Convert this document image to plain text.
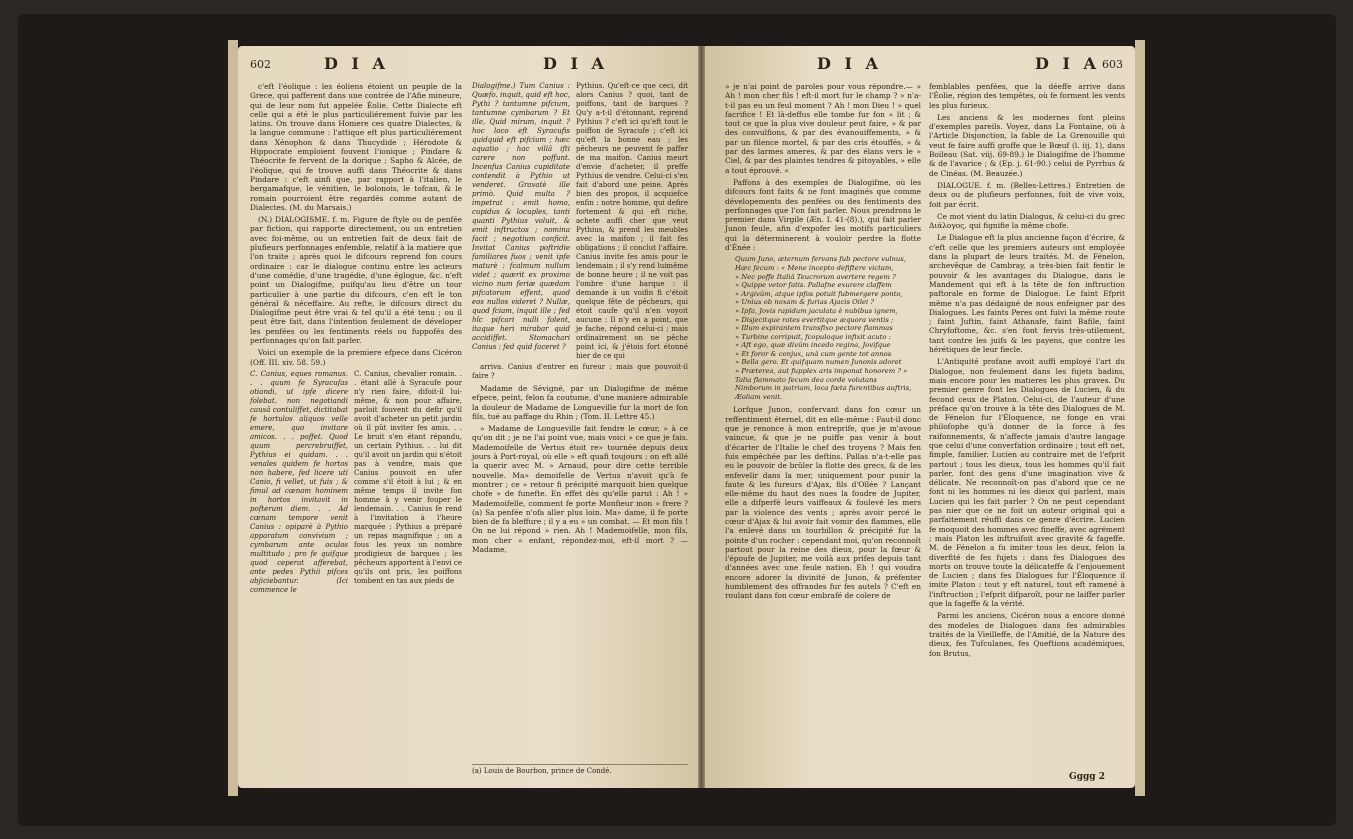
602	D I A	D I A

c'eft l'éolique : les éoliens étoient un peuple de la Grece, qui pafferent dans une contrée de l'Afie mineure, qui de leur nom fut appelée Éolie. Cette Dialecte eft celle qui a été le plus particuliérement fuivie par les latins. On trouve dans Homere ces quatre Dialectes, & la langue commune : l'attique eft plus particuliérement dans Xénophon & dans Thucydide ; Hérodote & Hippocrate emploient fouvent l'ionique ; Pindare & Théocrite fe fervent de la dorique ; Sapho & Alcée, de l'éolique, qui fe trouve auffi dans Théocrite & dans Pindare : c'eft ainfi que, par rapport à l'italien, le bergamafque, le vénitien, le bolonois, le tofcan, & le romain pourroient être regardés comme autant de Dialectes. (M. du Marsais.)

(N.) DIALOGISME. f. m. Figure de ftyle ou de penfée par fiction, qui rapporte directement, ou un entretien avec foi-même, ou un entretien fait de deux fait de plufieurs perfonnages enfemble, relatif à la matiere que l'on traite ; après quoi le difcours reprend fon cours ordinaire : car le dialogue continu entre les acteurs d'une comédie, d'une tragédie, d'une églogue, &c. n'eft point un Dialogifme, puifqu'au lieu d'être un tour particulier à une partie du difcours, c'en eft le ton général & néceffaire. Au refte, le difcours direct du Dialogifme peut être vrai & tel qu'il a été tenu ; ou il peut être fait, dans l'intention feulement de déveloper les penfées ou les fentiments réels ou fuppofés des perfonnages qu'on fait parler.

Voici un exemple de la premiere efpece dans Cicéron (Off. III. xiv. 58. 59.)

C. Canius, eques romanus. . . quum fe Syracufas otiandi, ut ipfe dicere folebat, non negotiandi causâ contuliffet, dictitabat fe hortulos aliquos velle emere, quo invitare amicos. . . poffet. Quod quum percrebruiffet, Pythius ei quidam. . . venales quidem fe hortos non habere, fed licere uti Canio, fi vellet, ut fuis ; & fimul ad cœnam hominem in hortos invitavit in pofterum diem. . . Ad cœnam tempore venit Canius : opiparè à Pythio apparatum convivium ; cymbarum ante oculos multitudo ; pro fe quifque quod ceperat afferebat, ante pedes Pythii pifces abjiciebantur. (Ici commence le
C. Canius, chevalier romain. . . étant allé à Syracufe pour n'y rien faire, difoit-il lui-même, & non pour affaire, parloit fouvent du defir qu'il avoit d'acheter un petit jardin où il pût inviter fes amis. . . Le bruit s'en étant répandu, un certain Pythius. . . lui dit qu'il avoit un jardin qui n'étoit pas à vendre, mais que Canius pouvoit en ufer comme s'il étoit à lui ; & en même temps il invite fon homme à y venir fouper le lendemain. . . Canius fe rend à l'invitation à l'heure marquée : Pythius a préparé un repas magnifique ; on a fous les yeux un nombre prodigieux de barques ; les pêcheurs apportent à l'envi ce qu'ils ont pris, les poiffons tombent en tas aux pieds de
Dialogifme.) Tum Canius : Quæfo, inquit, quid eft hoc, Pythi ? tantumne pifcium, tantumne cymbarum ? Et ille, Quid mirum, inquit ? hoc loco eft Syracufis quidquid eft pifcium ; hæc aquatio ; hac villâ ifti carere non poffunt. Incenfus Canius cupiditate contendit à Pythio ut venderet. Gravatè ille primò. Quid multa ? impetrat : emit homo, cupidus & locuples, tanti quanti Pythius voluit, & emit inftructos ; nomina facit ; negotium conficit. Invitat Canius poftridie familiares fuos ; venit ipfe maturè : fcalmum nullum videt ; quærit ex proximo vicino num feriæ quædam pifcatorum effent, quod eos nullos videret ? Nullæ, quod fciam, inquit ille ; fed hîc pifcari nulli folent, itaque heri mirabar quid accidiffet. Stomachari Canius : fed quid faceret ?
Pythius. Qu'eft-ce que ceci, dit alors Canius ? quoi, tant de poiffons, tant de barques ? Qu'y a-t-il d'étonnant, reprend Pythius ? c'eft ici qu'eft tout le poiffon de Syracufe ; c'eft ici qu'eft la bonne eau ; les pêcheurs ne peuvent fe paffer de ma maifon. Canius meurt d'envie d'acheter, il preffe Pythius de vendre. Celui-ci s'en fait d'abord une peine. Après bien des propos, il acquiefce enfin : notre homme, qui defire fortement & qui eft riche, achete auffi cher que veut Pythius, & prend les meubles avec la maifon ; il fait fes obligations ; il conclut l'affaire. Canius invite fes amis pour le lendemain ; il s'y rend luimême de bonne heure ; il ne voit pas l'ombre d'une barque : il demande à un voifin fi c'étoit quelque fête de pêcheurs, qui étoit caufe qu'il n'en voyoit aucune : Il n'y en a point, que je fache, répond celui-ci ; mais ordinairement on ne pêche point ici, & j'étois fort étonné hier de ce qui

arriva. Canius d'entrer en fureur : mais que pouvoit-il faire ?

Madame de Sévigné, par un Dialogifme de même efpece, peint, felon fa coutume, d'une maniere admirable la douleur de Madame de Longueville fur la mort de fon fils, tué au paffage du Rhin ; (Tom. II. Lettre 45.)

» Madame de Longueville fait fendre le cœur, » à ce qu'on dit ; je ne l'ai point vue, mais voici » ce que je fais. Mademoifelle de Vertus étoit re» tournée depuis deux jours à Port-royal, où elle » eft quafi toujours : on eft allé la querir avec M. » Arnaud, pour dire cette terrible nouvelle. Ma» demoifelle de Vertus n'avoit qu'à fe montrer ; ce » retour fi précipité marquoit bien quelque chofe » de funefte. En effet dès qu'elle parut : Ah ! » Mademoifelle, comment fe porte Monfieur mon » frere ? (a) Sa penfée n'ofa aller plus loin. Ma» dame, il fe porte bien de fa bleffure ; il y a eu » un combat. — Et mon fils ! On ne lui répond » rien. Ah ! Mademoifelle, mon fils, mon cher » enfant, répondez-moi, eft-il mort ? — Madame,

(a) Louis de Bourbon, prince de Condé.
D I A	D I A 603

» je n'ai point de paroles pour vous répondre.— » Ah ! mon cher fils ! eft-il mort fur le champ ? » n'a-t-il pas eu un feul moment ? Ah ! mon Dieu ! » quel facrifice ! Et là-deffus elle tombe fur fon » lit ; & tout ce que la plus vive douleur peut faire, » & par des convulfions, & par des évanouiffements, » & par un filence mortel, & par des cris étouffés, » & par des larmes ameres, & par des élans vers le » Ciel, & par des plaintes tendres & pitoyables, » elle a tout éprouvé. «

Paffons à des exemples de Dialogifme, où les difcours font faits & ne font imaginés que comme dévelopements des penfées ou des fentiments des perfonnages que l'on fait parler. Nous prendrons le premier dans Virgile (Æn. I. 41-(8).), qui fait parler Junon feule, afin d'expofer les motifs particuliers qui la déterminerent à vouloir perdre la flotte d'Énée :

Quum Juno, æternum fervans fub pectore vulnus,
Hæc fecum : « Mene incepto defiftere victam,
» Nec poffe Italiâ Teucrorum avertere regem ?
» Quippe vetor fatis. Pallafne exurere claffem
» Argivûm, atque ipfos potuit fubmergere ponto,
» Unius ob noxam & furias Ajacis Oilei ?
» Ipfa, Jovis rapidum jaculata è nubibus ignem,
» Disjecitque rates evertitque æquora ventis ;
» Illum expirantem transfixo pectore flammas
» Turbine corripuit, fcopuloque infixit acuto :
» Aft ego, quæ divûm incedo regina, Jovifque
» Et foror & conjux, unâ cum gente tot annos
» Bella gero. Et quifquam numen Junonis adoret
» Præterea, aut fupplex aris imponat honorem ? »
Talia flammato fecum dea corde volutans
Nimborum in patriam, loca fœta furentibus auftris,
Æoliam venit.

Lorfque Junon, confervant dans fon cœur un reffentiment éternel, dit en elle-même : Faut-il donc que je renonce à mon entreprife, que je m'avoue vaincue, & que je ne puiffe pas venir à bout d'écarter de l'Italie le chef des troyens ? Mais fen fuis empêchée par les deftins. Pallas n'a-t-elle pas eu le pouvoir de brûler la flotte des grecs, & de les enfevelir dans la mer, uniquement pour punir la faute & les fureurs d'Ajax, fils d'Oïlée ? Lançant elle-même du haut des nues la foudre de Jupiter, elle a difperfé leurs vaiffeaux & foulevé les mers par la violence des vents ; après avoir percé le cœur d'Ajax & lui avoir fait vomir des flammes, elle l'a enlevé dans un tourbillon & précipité fur la pointe d'un rocher : cependant moi, qu'on reconnoît partout pour la reine des dieux, pour la fœur & l'époufe de Jupiter, me voilà aux prifes depuis tant d'années avec une feule nation. Eh ! qui voudra encore adorer la divinité de Junon, & préfenter humblement des offrandes fur fes autels ? C'eft en roulant dans fon cœur embrafé de colere de

femblables penfées, que la déeffe arrive dans l'Éolie, région des tempêtes, où fe forment les vents les plus furieux.

Les anciens & les modernes font pleins d'exemples pareils. Voyez, dans La Fontaine, où à l'Article Disjonction, la fable de La Grenouille qui veut fe faire auffi groffe que le Bœuf (l. iij. 1), dans Boileau (Sat. viij. 69-89.) le Dialogifme de l'homme & de l'avarice ; & (Ep. j. 61-90.) celui de Pyrrhus & de Cinéas. (M. Beauzée.)

DIALOGUE. f. m. (Belles-Lettres.) Entretien de deux ou de plufieurs perfonnes, foit de vive voix, foit par écrit.

Ce mot vient du latin Dialogus, & celui-ci du grec Διάλογος, qui fignifie la même chofe.

Le Dialogue eft la plus ancienne façon d'écrire, & c'eft celle que les premiers auteurs ont employée dans la plupart de leurs traités. M. de Fénelon, archevêque de Cambray, a très-bien fait fentir le pouvoir & les avantages du Dialogue, dans le Mandement qui eft à la tête de fon inftruction paftorale en forme de Dialogue. Le faint Efprit même n'a pas dédaigné de nous enfeigner par des Dialogues. Les faints Peres ont fuivi la même route ; faint Juftin, faint Athanafe, faint Bafile, faint Chryfoftome, &c. s'en font fervis très-utilement, tant contre les juifs & les payens, que contre les hérétiques de leur fiecle.

L'Antiquité profane avoit auffi employé l'art du Dialogue, non feulement dans les fujets badins, mais encore pour les matieres les plus graves. Du premier genre font les Dialogues de Lucien, & du fecond ceux de Platon. Celui-ci, de l'auteur d'une préface qu'on trouve à la tête des Dialogues de M. de Fénelon fur l'Éloquence, ne fonge en vrai philofophe qu'à donner de la force à fes raifonnements, & n'affecte jamais d'autre langage que celui d'une converfation ordinaire ; tout eft net, fimple, familier. Lucien au contraire met de l'efprit partout ; tous les dieux, tous les hommes qu'il fait parler, font des gens d'une imagination vive & délicate. Ne reconnoît-on pas d'abord que ce ne font ni les hommes ni les dieux qui parlent, mais Lucien qui les fait parler ? On ne peut cependant pas nier que ce ne foit un auteur original qui a parfaitement réuffi dans ce genre d'écrire. Lucien fe moquoit des hommes avec fineffe, avec agrément ; mais Platon les inftruifoit avec gravité & fageffe. M. de Fénelon a fu imiter tous les deux, felon la diverfité de fes fujets : dans fes Dialogues des morts on trouve toute la délicateffe & l'enjouement de Lucien ; dans fes Dialogues fur l'Éloquence il imite Platon : tout y eft naturel, tout eft ramené à l'inftruction ; l'efprit difparoît, pour ne laiffer parler que la fageffe & la vérité.

Parmi les anciens, Cicéron nous a encore donné des modeles de Dialogues dans fes admirables traités de la Vieilleffe, de l'Amitié, de la Nature des dieux, fes Tufculanes, fes Queftions académiques, fon Brutus,

Gggg 2
